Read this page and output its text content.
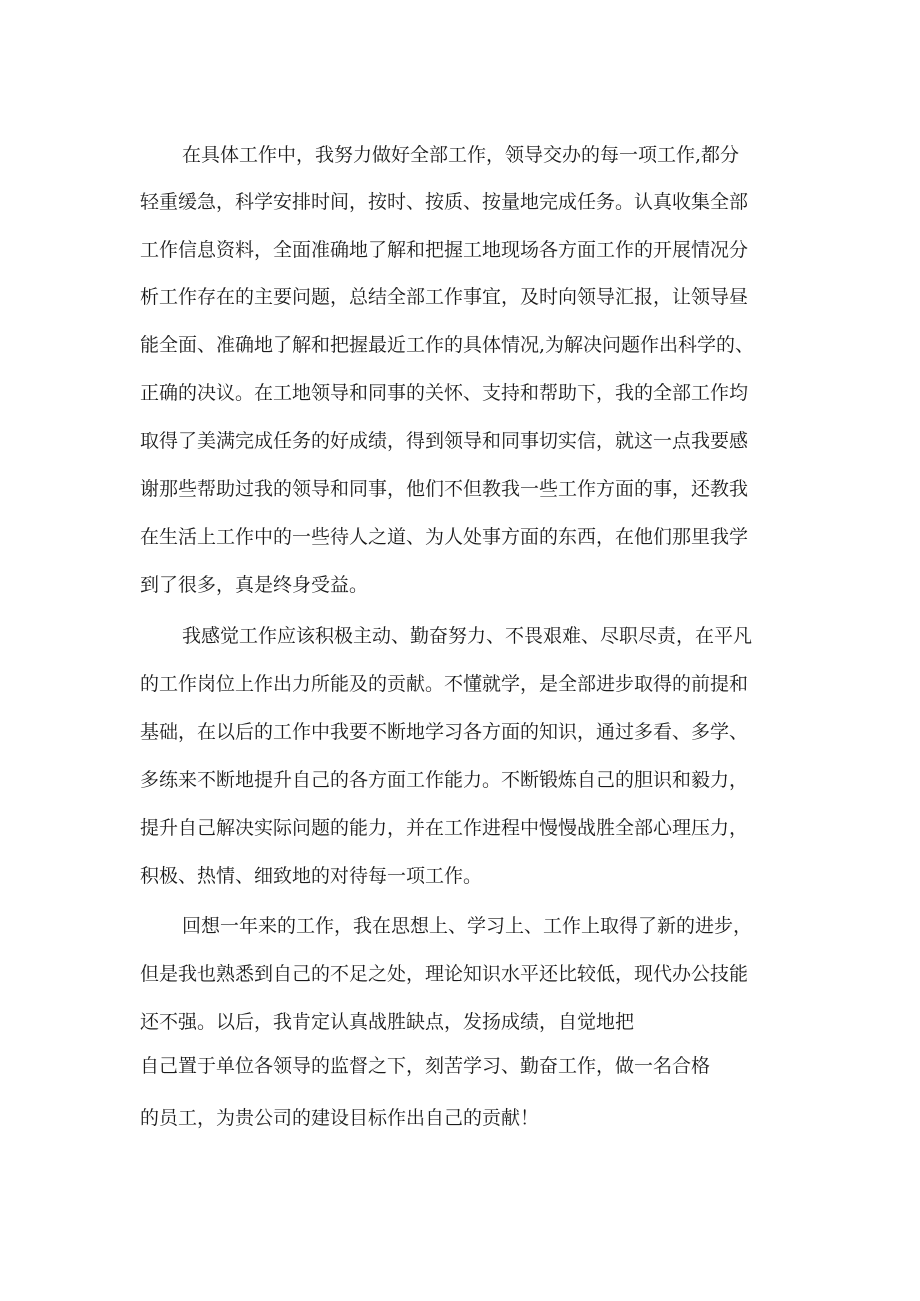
在具体工作中，我努力做好全部工作，领导交办的每一项工作,都分
轻重缓急，科学安排时间，按时、按质、按量地完成任务。认真收集全部
工作信息资料，全面准确地了解和把握工地现场各方面工作的开展情况分
析工作存在的主要问题，总结全部工作事宜，及时向领导汇报，让领导昼
能全面、准确地了解和把握最近工作的具体情况,为解决问题作出科学的、
正确的决议。在工地领导和同事的关怀、支持和帮助下，我的全部工作均
取得了美满完成任务的好成绩，得到领导和同事切实信，就这一点我要感
谢那些帮助过我的领导和同事，他们不但教我一些工作方面的事，还教我
在生活上工作中的一些待人之道、为人处事方面的东西，在他们那里我学
到了很多，真是终身受益。
我感觉工作应该积极主动、勤奋努力、不畏艰难、尽职尽责，在平凡
的工作岗位上作出力所能及的贡献。不懂就学，是全部进步取得的前提和
基础，在以后的工作中我要不断地学习各方面的知识，通过多看、多学、
多练来不断地提升自己的各方面工作能力。不断锻炼自己的胆识和毅力，
提升自己解决实际问题的能力，并在工作进程中慢慢战胜全部心理压力，
积极、热情、细致地的对待每一项工作。
回想一年来的工作，我在思想上、学习上、工作上取得了新的进步，
但是我也熟悉到自己的不足之处，理论知识水平还比较低，现代办公技能
还不强。以后，我肯定认真战胜缺点，发扬成绩，自觉地把
自己置于单位各领导的监督之下，刻苦学习、勤奋工作，做一名合格
的员工，为贵公司的建设目标作出自己的贡献！
